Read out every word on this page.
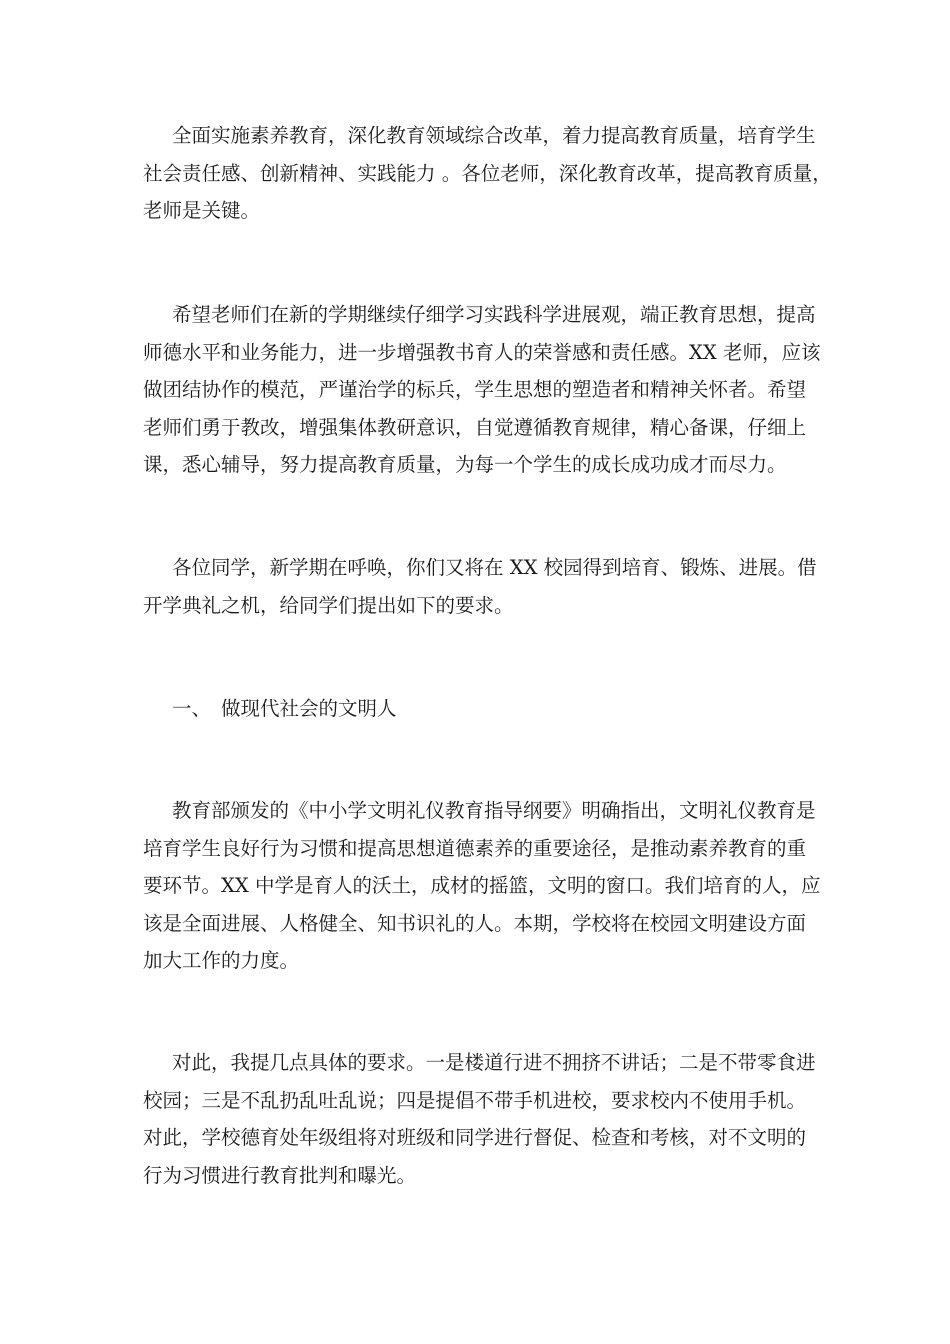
全面实施素养教育，深化教育领域综合改革，着力提高教育质量，培育学生
社会责任感、创新精神、实践能力 。各位老师，深化教育改革，提高教育质量，
老师是关键。
希望老师们在新的学期继续仔细学习实践科学进展观，端正教育思想，提高
师德水平和业务能力，进一步增强教书育人的荣誉感和责任感。XX 老师，应该
做团结协作的模范，严谨治学的标兵，学生思想的塑造者和精神关怀者。希望
老师们勇于教改，增强集体教研意识，自觉遵循教育规律，精心备课，仔细上
课，悉心辅导，努力提高教育质量，为每一个学生的成长成功成才而尽力。
各位同学，新学期在呼唤，你们又将在 XX 校园得到培育、锻炼、进展。借
开学典礼之机，给同学们提出如下的要求。
一、 做现代社会的文明人
教育部颁发的《中小学文明礼仪教育指导纲要》明确指出，文明礼仪教育是
培育学生良好行为习惯和提高思想道德素养的重要途径，是推动素养教育的重
要环节。XX 中学是育人的沃土，成材的摇篮，文明的窗口。我们培育的人，应
该是全面进展、人格健全、知书识礼的人。本期，学校将在校园文明建设方面
加大工作的力度。
对此，我提几点具体的要求。一是楼道行进不拥挤不讲话；二是不带零食进
校园；三是不乱扔乱吐乱说；四是提倡不带手机进校，要求校内不使用手机。
对此，学校德育处年级组将对班级和同学进行督促、检查和考核，对不文明的
行为习惯进行教育批判和曝光。
